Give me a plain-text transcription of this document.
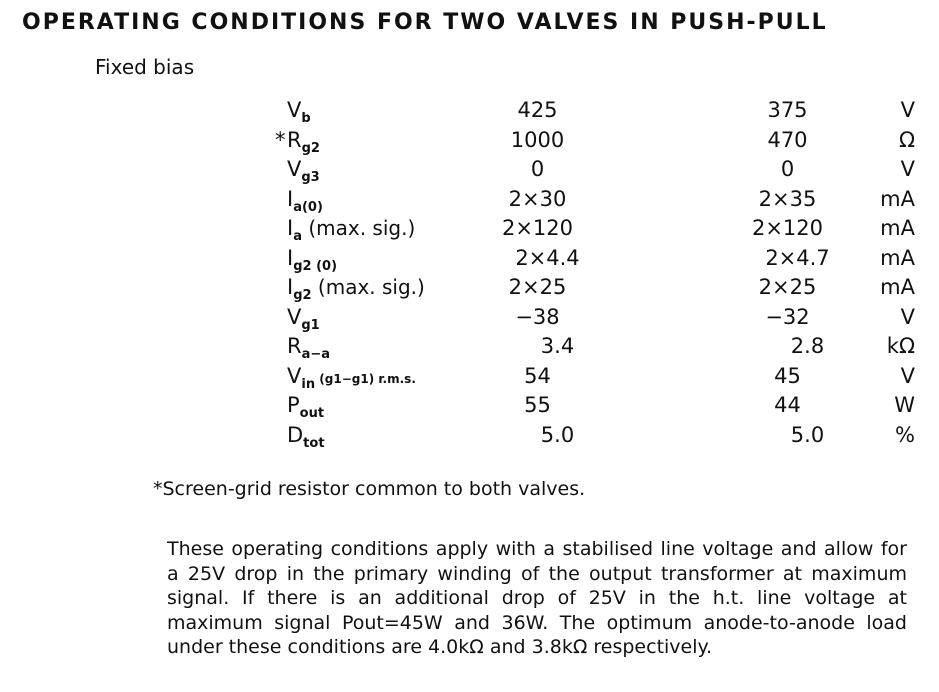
OPERATING CONDITIONS FOR TWO VALVES IN PUSH-PULL
Fixed bias
$V_b$	425	375	V
$*R_{g2}$	1000	470	Ω
$V_{g3}$	0	0	V
$I_{a(0)}$	2×30	2×35	mA
$I_a$ (max. sig.)	2×120	2×120	mA
$I_{g2 (0)}$	2×4.4	2×4.7	mA
$I_{g2}$ (max. sig.)	2×25	2×25	mA
$V_{g1}$	−38	−32	V
$R_{a-a}$	3.4	2.8	kΩ
$V_{in}$ (g1−g1) r.m.s.	54	45	V
$P_{out}$	55	44	W
$D_{tot}$	5.0	5.0	%
*Screen-grid resistor common to both valves.
These operating conditions apply with a stabilised line voltage and allow for a 25V drop in the primary winding of the output transformer at maximum signal. If there is an additional drop of 25V in the h.t. line voltage at maximum signal Pout=45W and 36W. The optimum anode-to-anode load under these conditions are 4.0kΩ and 3.8kΩ respectively.
